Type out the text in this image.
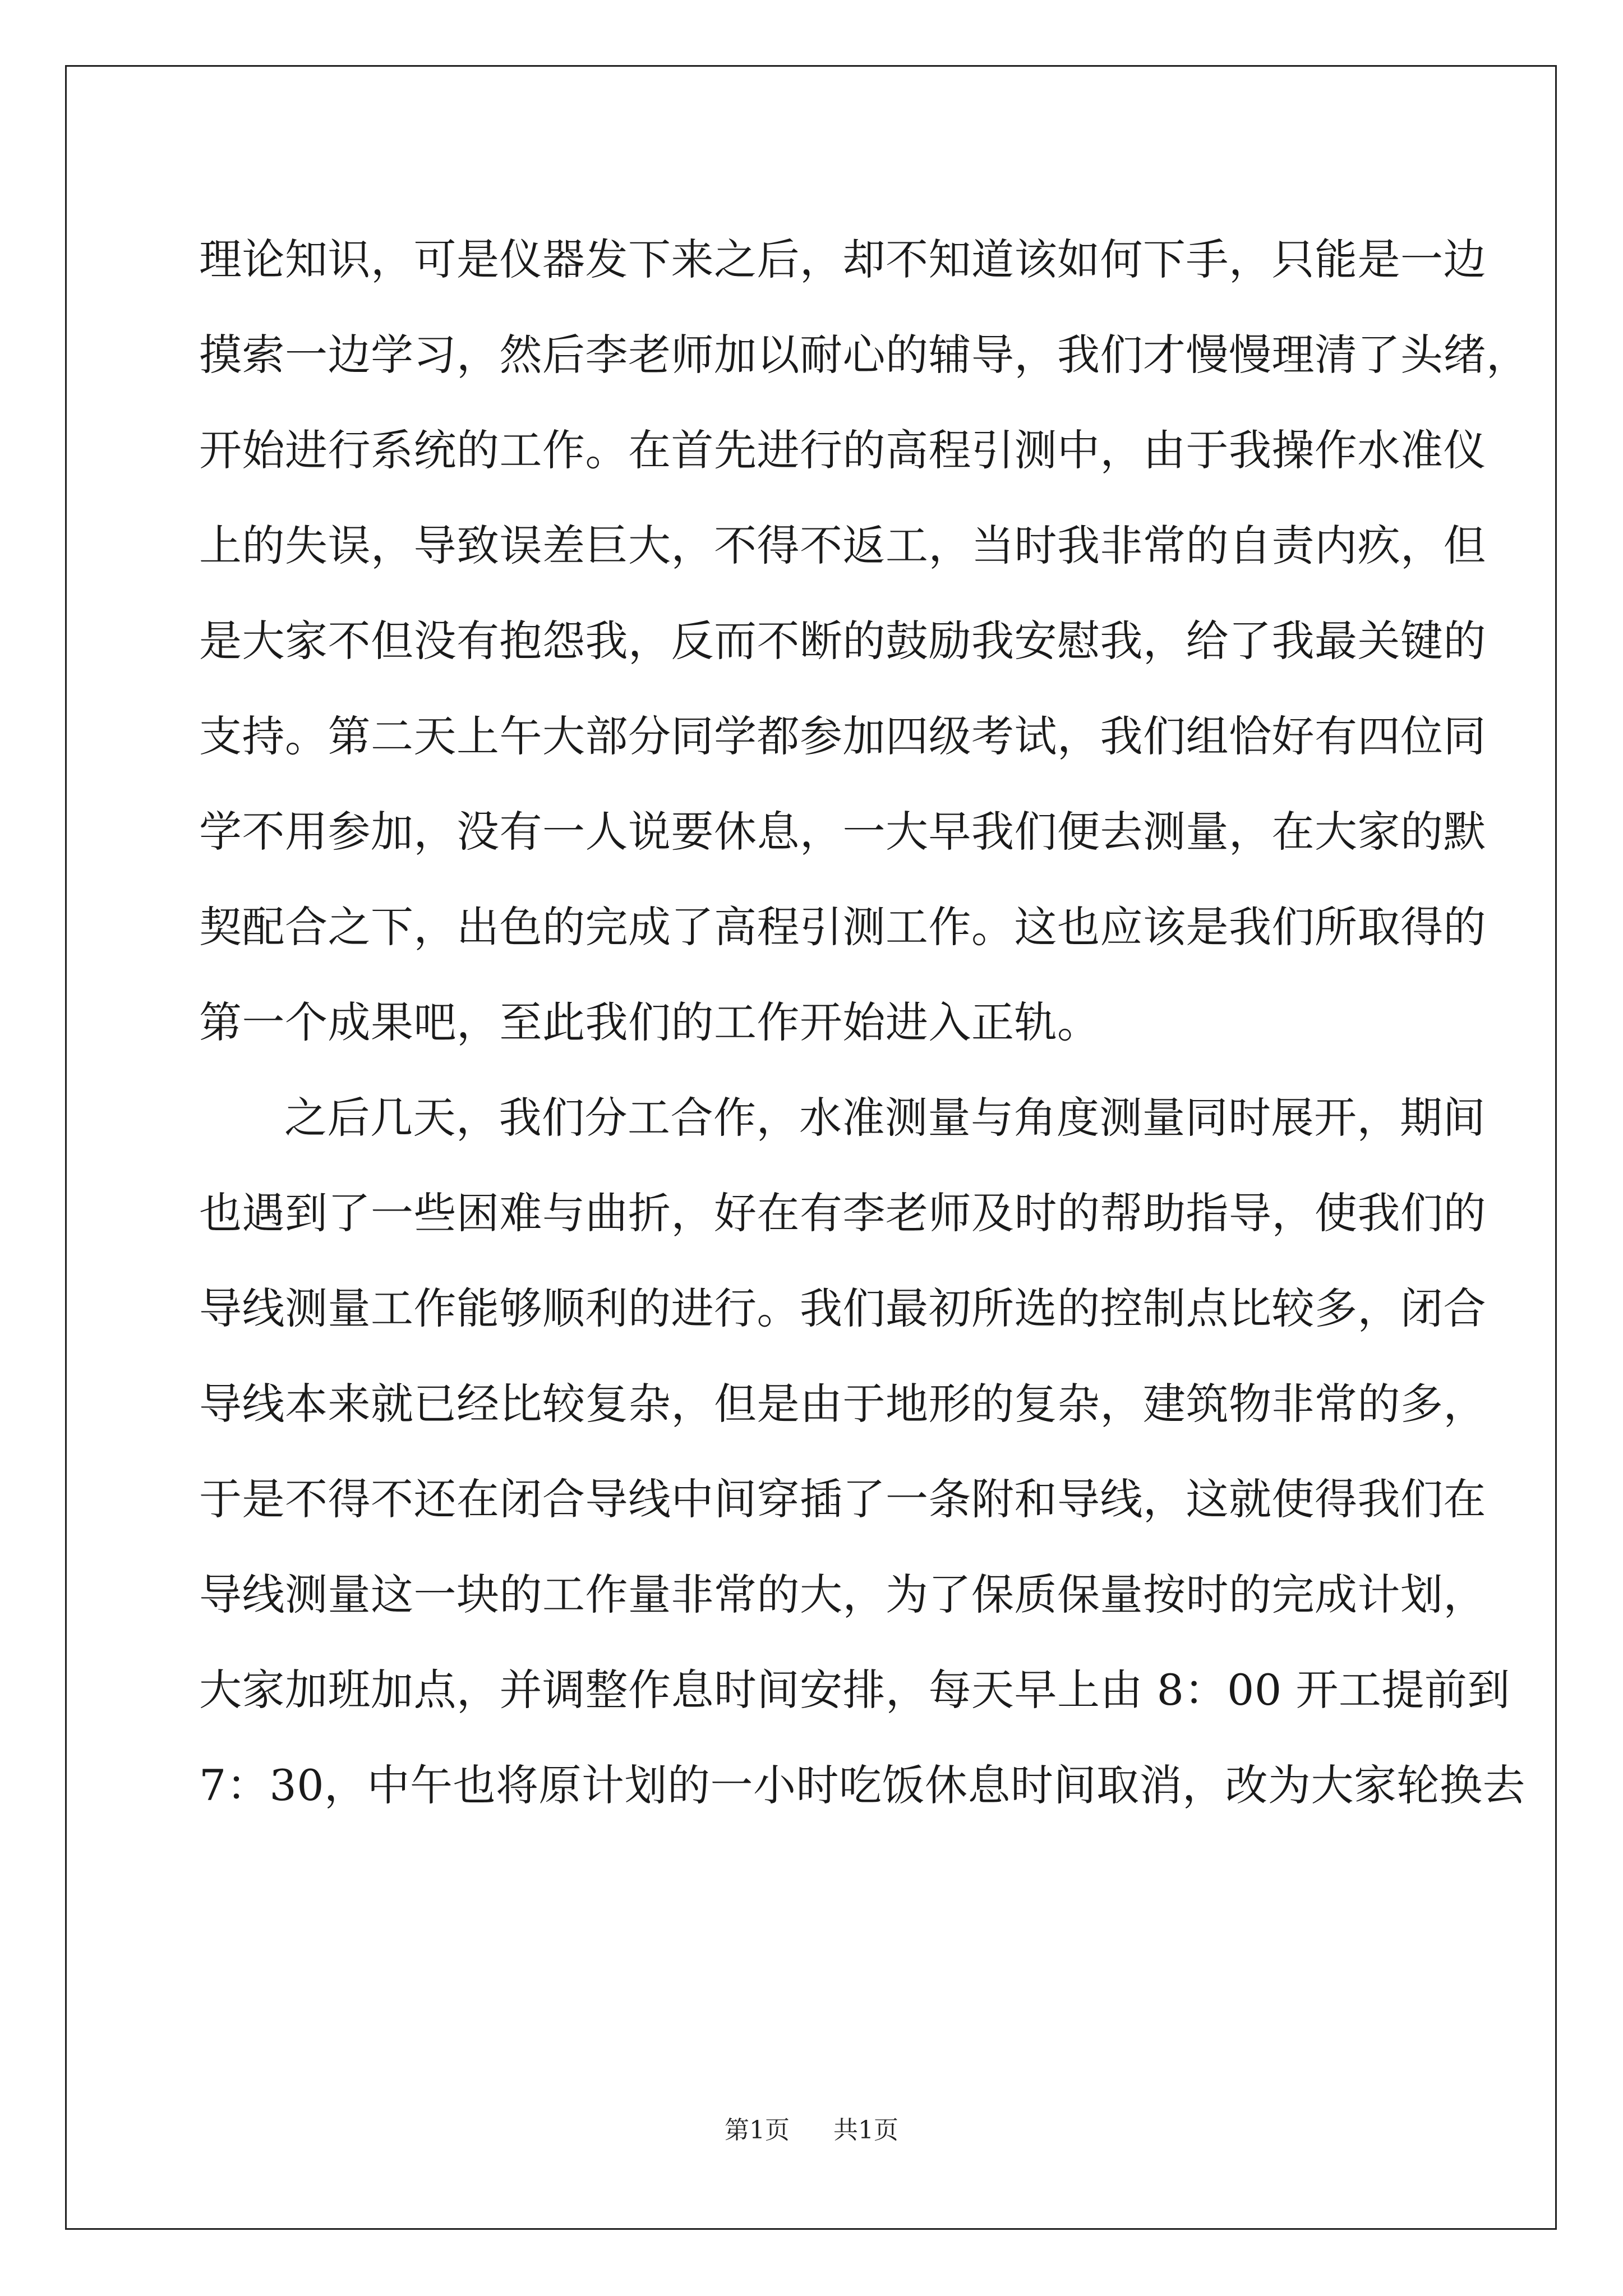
理论知识，可是仪器发下来之后，却不知道该如何下手，只能是一边
摸索一边学习，然后李老师加以耐心的辅导，我们才慢慢理清了头绪，
开始进行系统的工作。在首先进行的高程引测中，由于我操作水准仪
上的失误，导致误差巨大，不得不返工，当时我非常的自责内疚，但
是大家不但没有抱怨我，反而不断的鼓励我安慰我，给了我最关键的
支持。第二天上午大部分同学都参加四级考试，我们组恰好有四位同
学不用参加，没有一人说要休息，一大早我们便去测量，在大家的默
契配合之下，出色的完成了高程引测工作。这也应该是我们所取得的
第一个成果吧，至此我们的工作开始进入正轨。
之后几天，我们分工合作，水准测量与角度测量同时展开，期间
也遇到了一些困难与曲折，好在有李老师及时的帮助指导，使我们的
导线测量工作能够顺利的进行。我们最初所选的控制点比较多，闭合
导线本来就已经比较复杂，但是由于地形的复杂，建筑物非常的多，
于是不得不还在闭合导线中间穿插了一条附和导线，这就使得我们在
导线测量这一块的工作量非常的大，为了保质保量按时的完成计划，
大家加班加点，并调整作息时间安排，每天早上由 8：00 开工提前到
7：30，中午也将原计划的一小时吃饭休息时间取消，改为大家轮换去
第1页 共1页
